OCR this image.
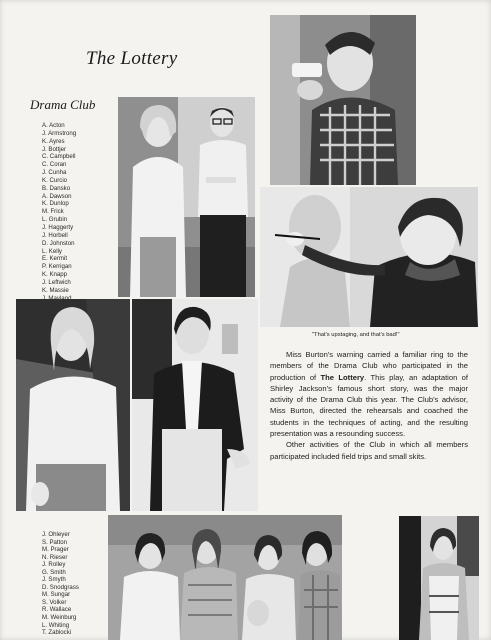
The Lottery
Drama Club
A. Acton
J. Armstrong
K. Ayres
J. Bottjer
C. Campbell
C. Coran
J. Cunha
K. Curcio
B. Dansko
A. Dawson
K. Dunlop
M. Frick
L. Grubin
J. Haggerty
J. Horbell
D. Johnston
L. Kelly
E. Kermit
P. Kerrigan
K. Knapp
J. Leftwich
K. Massie
J. Ohleyer
S. Patton
M. Prager
N. Rieser
J. Rolley
G. Smith
J. Smyth
D. Snodgrass
M. Sungar
S. Volker
R. Wallace
M. Weinburg
L. Whiting
T. Zablocki

"That's upstaging, and that's bad!"

Miss Burton's warning carried a familiar ring to the members of the Drama Club who participated in the production of The Lottery. This play, an adaptation of Shirley Jackson's famous short story, was the major activity of the Drama Club this year. The Club's advisor, Miss Burton, directed the rehearsals and coached the students in the techniques of acting, and the resulting presentation was a resounding success.

Other activities of the Club in which all members participated included field trips and small skits.
